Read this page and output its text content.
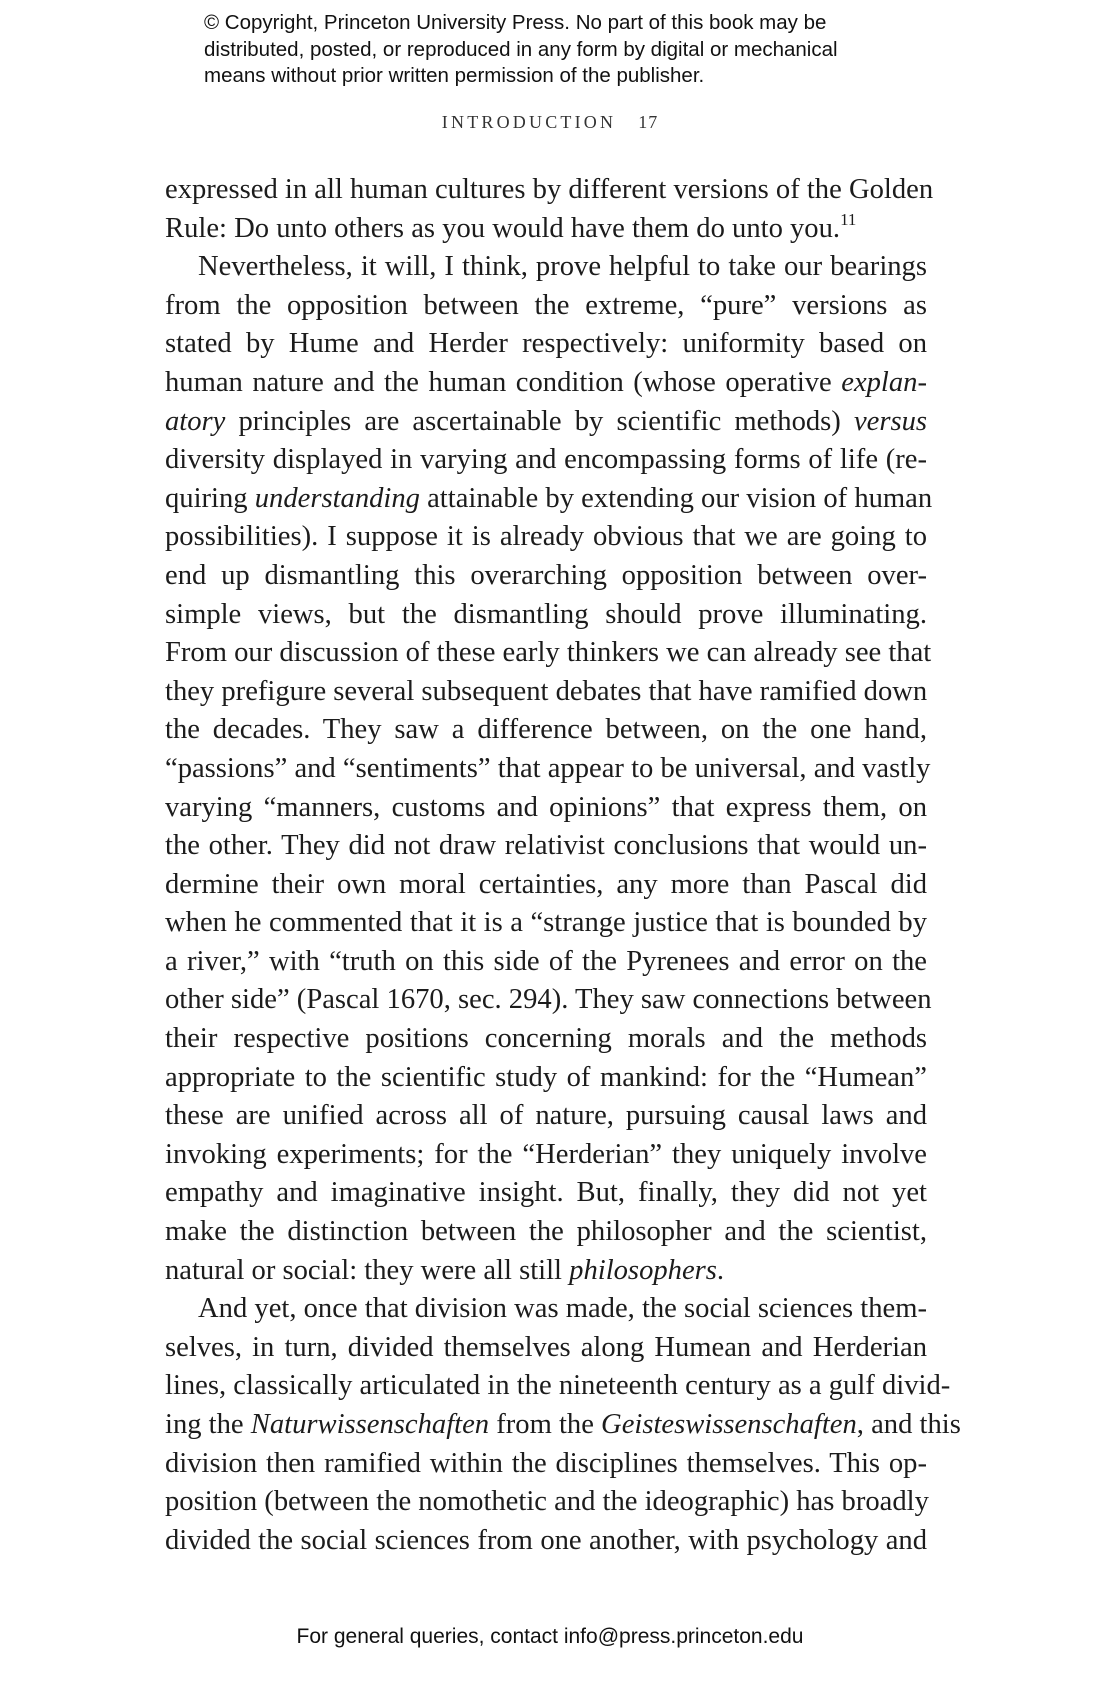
© Copyright, Princeton University Press. No part of this book may be
distributed, posted, or reproduced in any form by digital or mechanical
means without prior written permission of the publisher.
INTRODUCTION 17
expressed in all human cultures by different versions of the Golden
Rule: Do unto others as you would have them do unto you.$^{11}$
Nevertheless, it will, I think, prove helpful to take our bearings
from the opposition between the extreme, “pure” versions as
stated by Hume and Herder respectively: uniformity based on
human nature and the human condition (whose operative explan-
atory principles are ascertainable by scientific methods) versus
diversity displayed in varying and encompassing forms of life (re-
quiring understanding attainable by extending our vision of human
possibilities). I suppose it is already obvious that we are going to
end up dismantling this overarching opposition between over-
simple views, but the dismantling should prove illuminating.
From our discussion of these early thinkers we can already see that
they prefigure several subsequent debates that have ramified down
the decades. They saw a difference between, on the one hand,
“passions” and “sentiments” that appear to be universal, and vastly
varying “manners, customs and opinions” that express them, on
the other. They did not draw relativist conclusions that would un-
dermine their own moral certainties, any more than Pascal did
when he commented that it is a “strange justice that is bounded by
a river,” with “truth on this side of the Pyrenees and error on the
other side” (Pascal 1670, sec. 294). They saw connections between
their respective positions concerning morals and the methods
appropriate to the scientific study of mankind: for the “Humean”
these are unified across all of nature, pursuing causal laws and
invoking experiments; for the “Herderian” they uniquely involve
empathy and imaginative insight. But, finally, they did not yet
make the distinction between the philosopher and the scientist,
natural or social: they were all still philosophers.
And yet, once that division was made, the social sciences them-
selves, in turn, divided themselves along Humean and Herderian
lines, classically articulated in the nineteenth century as a gulf divid-
ing the Naturwissenschaften from the Geisteswissenschaften, and this
division then ramified within the disciplines themselves. This op-
position (between the nomothetic and the ideographic) has broadly
divided the social sciences from one another, with psychology and
For general queries, contact info@press.princeton.edu
